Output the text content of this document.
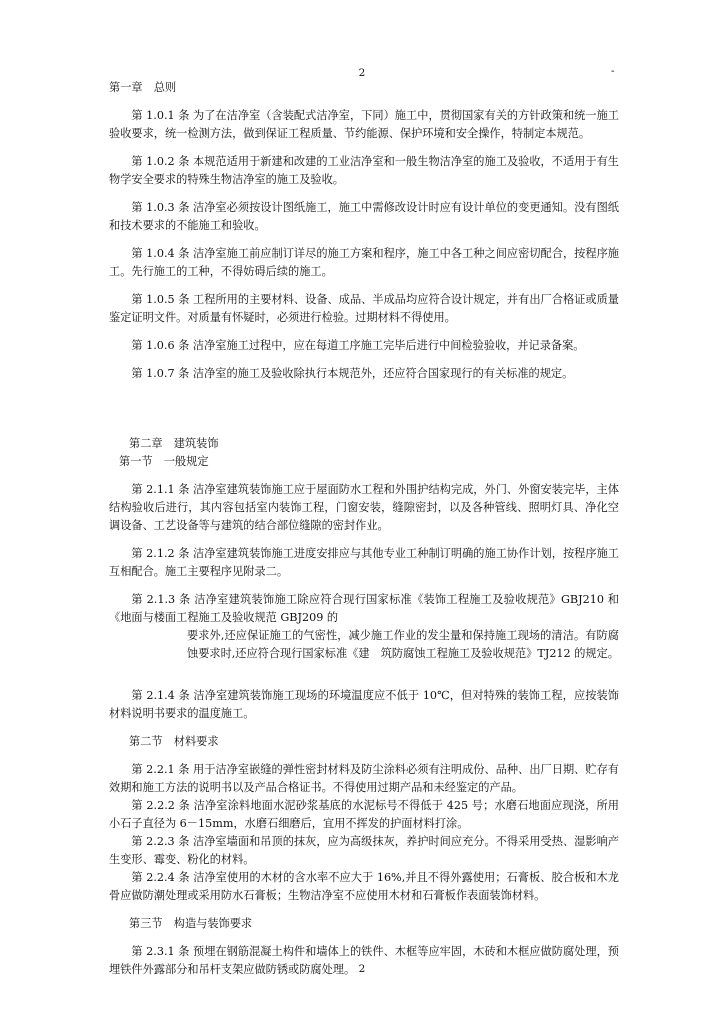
2	-
第一章　总则
第 1.0.1 条 为了在洁净室（含装配式洁净室，下同）施工中，贯彻国家有关的方针政策和统一施工验收要求，统一检测方法，做到保证工程质量、节约能源、保护环境和安全操作，特制定本规范。
第 1.0.2 条 本规范适用于新建和改建的工业洁净室和一般生物洁净室的施工及验收，不适用于有生物学安全要求的特殊生物洁净室的施工及验收。
第 1.0.3 条 洁净室必须按设计图纸施工，施工中需修改设计时应有设计单位的变更通知。没有图纸和技术要求的不能施工和验收。
第 1.0.4 条 洁净室施工前应制订详尽的施工方案和程序，施工中各工种之间应密切配合，按程序施工。先行施工的工种，不得妨碍后续的施工。
第 1.0.5 条 工程所用的主要材料、设备、成品、半成品均应符合设计规定，并有出厂合格证或质量鉴定证明文件。对质量有怀疑时，必须进行检验。过期材料不得使用。
第 1.0.6 条 洁净室施工过程中，应在每道工序施工完毕后进行中间检验验收，并记录备案。
第 1.0.7 条 洁净室的施工及验收除执行本规范外，还应符合国家现行的有关标准的规定。
第二章　建筑装饰
第一节　一般规定
第 2.1.1 条 洁净室建筑装饰施工应于屋面防水工程和外围护结构完成，外门、外窗安装完毕，主体结构验收后进行，其内容包括室内装饰工程，门窗安装，缝隙密封，以及各种管线、照明灯具、净化空调设备、工艺设备等与建筑的结合部位缝隙的密封作业。
第 2.1.2 条 洁净室建筑装饰施工进度安排应与其他专业工种制订明确的施工协作计划，按程序施工互相配合。施工主要程序见附录二。
第 2.1.3 条 洁净室建筑装饰施工除应符合现行国家标准《装饰工程施工及验收规范》GBJ210 和《地面与楼面工程施工及验收规范 GBJ209 的
要求外,还应保证施工的气密性，减少施工作业的发尘量和保持施工现场的清洁。有防腐蚀要求时,还应符合现行国家标准《建　筑防腐蚀工程施工及验收规范》TJ212 的规定。
第 2.1.4 条 洁净室建筑装饰施工现场的环境温度应不低于 10℃，但对特殊的装饰工程，应按装饰材料说明书要求的温度施工。
第二节　材料要求
第 2.2.1 条 用于洁净室嵌缝的弹性密封材料及防尘涂料必须有注明成份、品种、出厂日期、贮存有效期和施工方法的说明书以及产品合格证书。不得使用过期产品和未经鉴定的产品。
第 2.2.2 条 洁净室涂料地面水泥砂浆基底的水泥标号不得低于 425 号；水磨石地面应现浇，所用小石子直径为 6－15mm，水磨石细磨后，宜用不挥发的护面材料打涂。
第 2.2.3 条 洁净室墙面和吊顶的抹灰，应为高级抹灰，养护时间应充分。不得采用受热、湿影响产生变形、霉变、粉化的材料。
第 2.2.4 条 洁净室使用的木材的含水率不应大于 16%,并且不得外露使用；石膏板、胶合板和木龙骨应做防潮处理或采用防水石膏板；生物洁净室不应使用木材和石膏板作表面装饰材料。
第三节　构造与装饰要求
第 2.3.1 条 预埋在钢筋混凝土构件和墙体上的铁件、木框等应牢固，木砖和木框应做防腐处理，预埋铁件外露部分和吊杆支架应做防锈或防腐处理。 2
